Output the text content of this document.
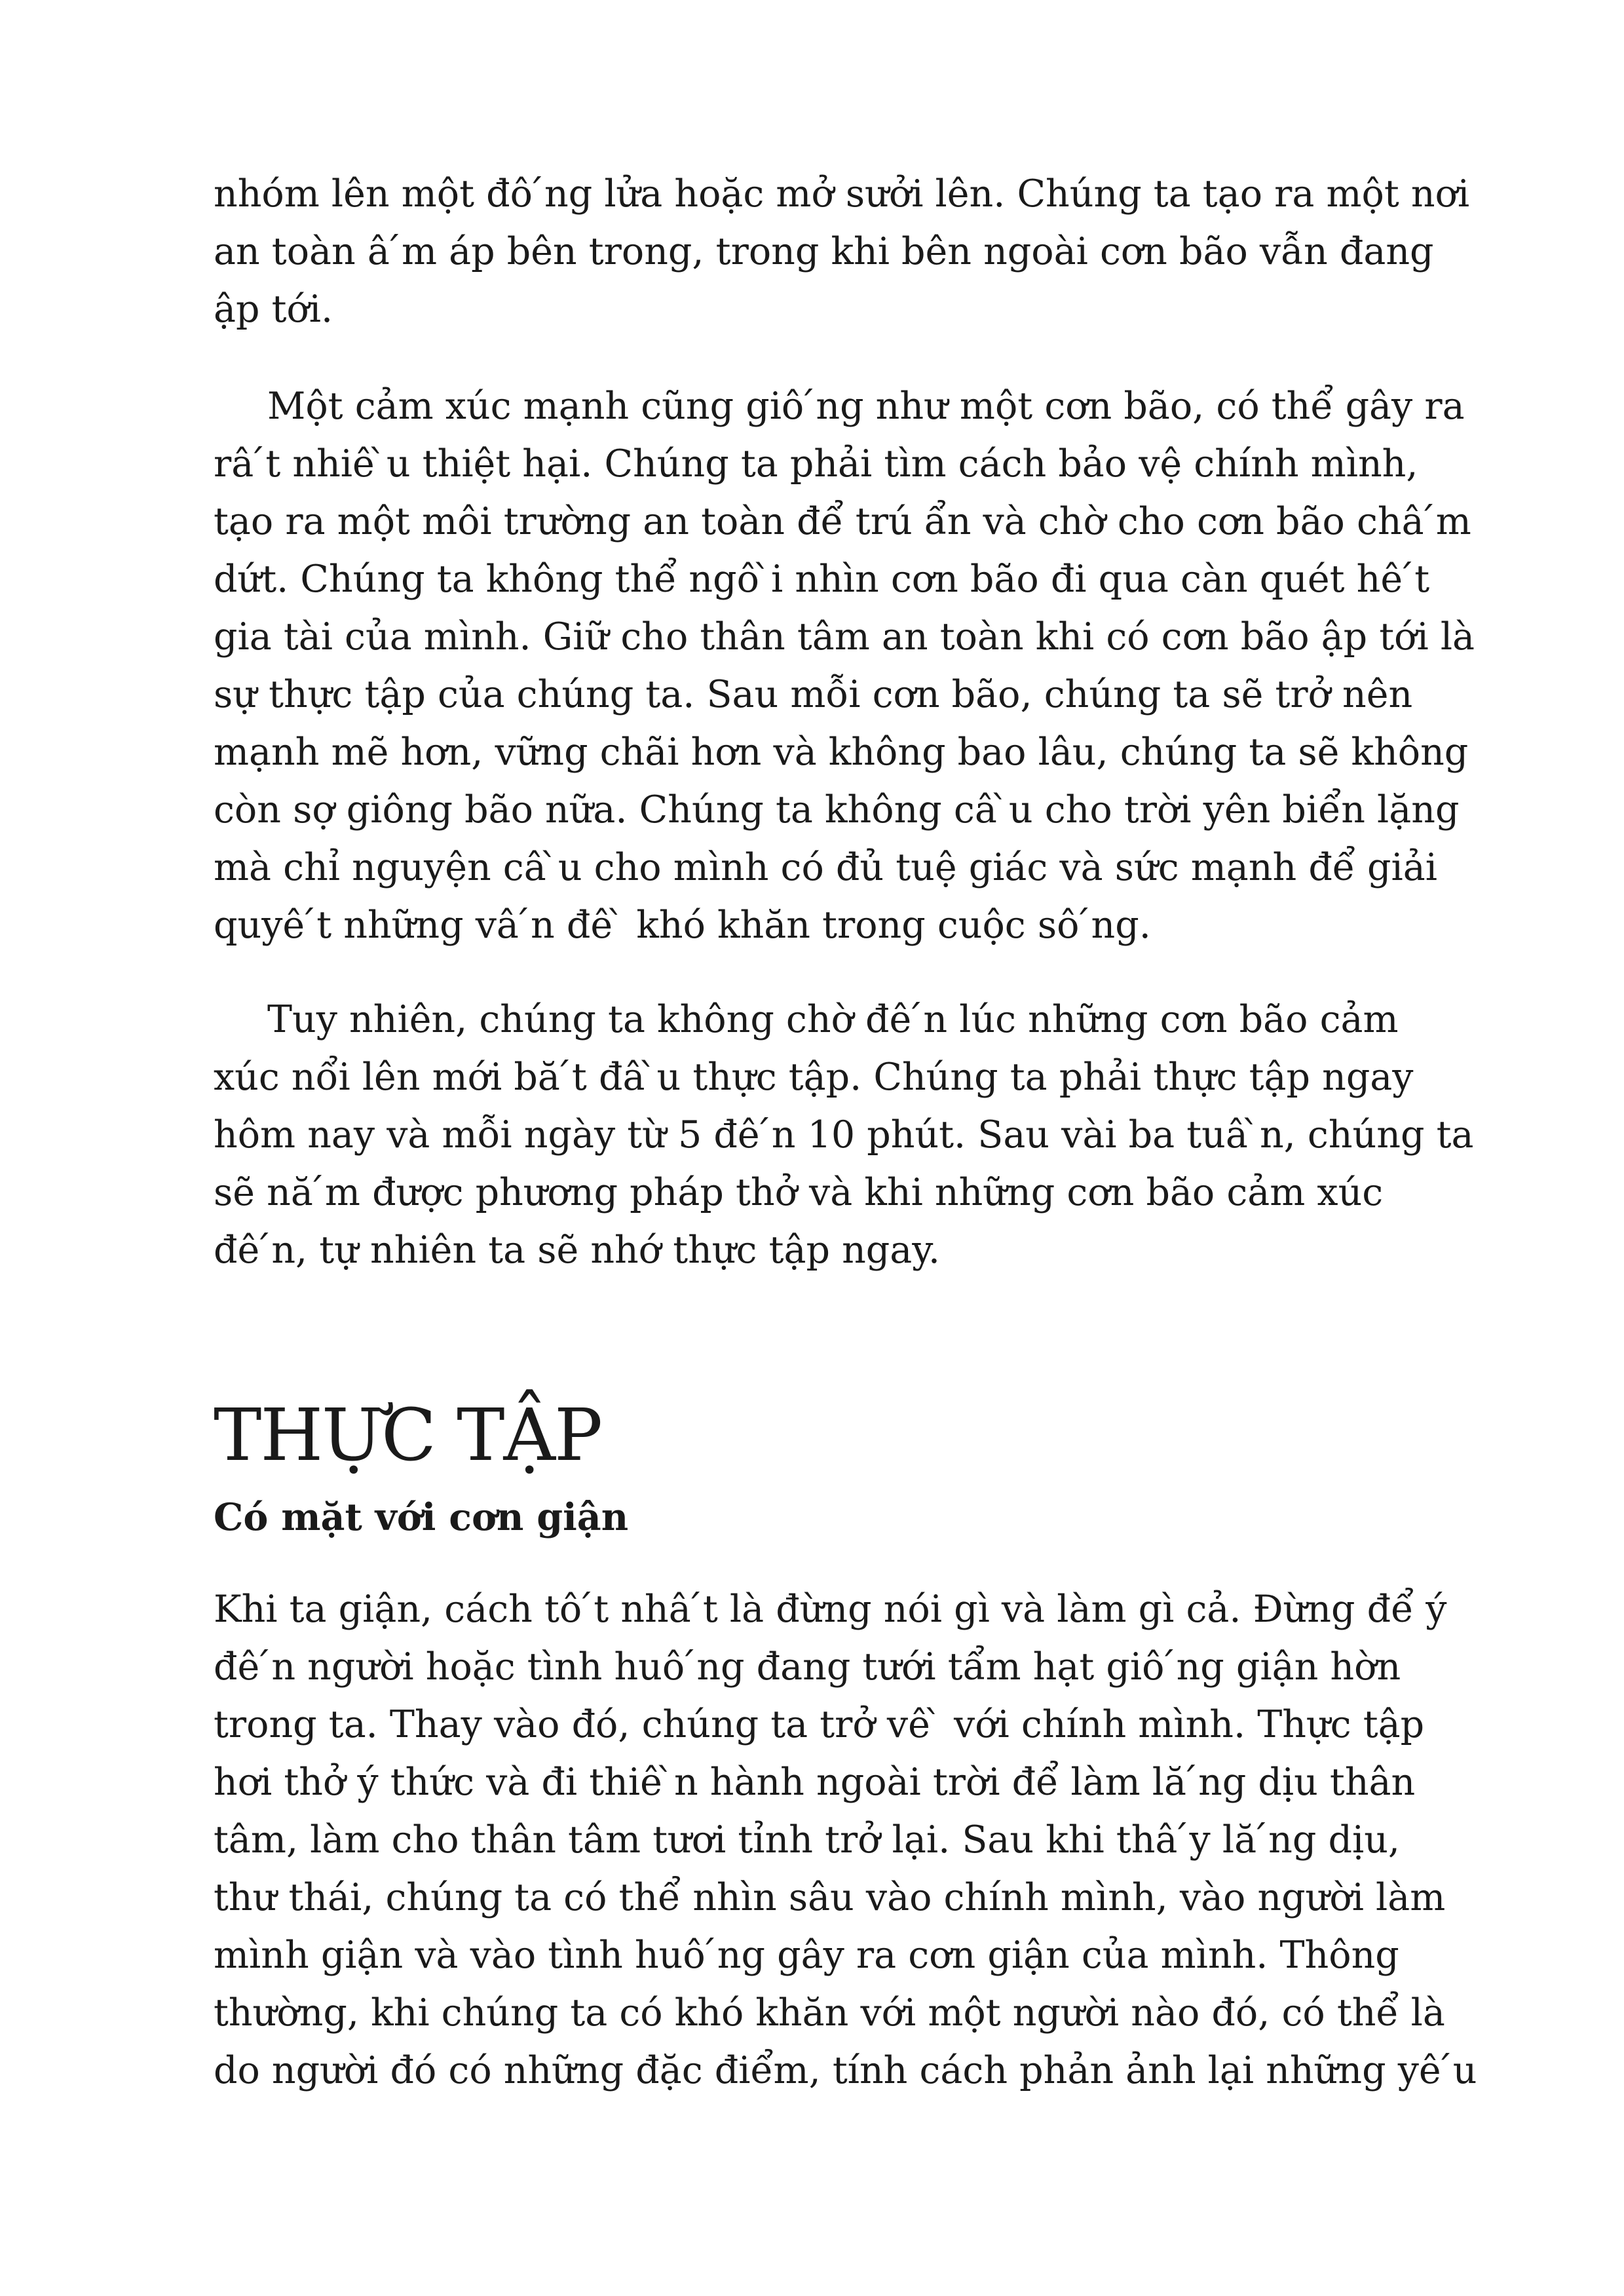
nhóm lên một đô ́ng lửa hoặc mở sưởi lên. Chúng ta tạo ra một nơi
an toàn â ́m áp bên trong, trong khi bên ngoài cơn bão vẫn đang
ập tới.
Một cảm xúc mạnh cũng giô ́ng như một cơn bão, có thể gây ra
râ ́t nhiê ̀u thiệt hại. Chúng ta phải tìm cách bảo vệ chính mình,
tạo ra một môi trường an toàn để trú ẩn và chờ cho cơn bão châ ́m
dứt. Chúng ta không thể ngô ̀i nhìn cơn bão đi qua càn quét hê ́t
gia tài của mình. Giữ cho thân tâm an toàn khi có cơn bão ập tới là
sự thực tập của chúng ta. Sau mỗi cơn bão, chúng ta sẽ trở nên
mạnh mẽ hơn, vững chãi hơn và không bao lâu, chúng ta sẽ không
còn sợ giông bão nữa. Chúng ta không câ ̀u cho trời yên biển lặng
mà chỉ nguyện câ ̀u cho mình có đủ tuệ giác và sức mạnh để giải
quyê ́t những vâ ́n đê ̀ khó khăn trong cuộc sô ́ng.
Tuy nhiên, chúng ta không chờ đê ́n lúc những cơn bão cảm
xúc nổi lên mới bă ́t đâ ̀u thực tập. Chúng ta phải thực tập ngay
hôm nay và mỗi ngày từ 5 đê ́n 10 phút. Sau vài ba tuâ ̀n, chúng ta
sẽ nă ́m được phương pháp thở và khi những cơn bão cảm xúc
đê ́n, tự nhiên ta sẽ nhớ thực tập ngay.
THỰC TẬP
Có mặt với cơn giận
Khi ta giận, cách tô ́t nhâ ́t là đừng nói gì và làm gì cả. Đừng để ý
đê ́n người hoặc tình huô ́ng đang tưới tẩm hạt giô ́ng giận hờn
trong ta. Thay vào đó, chúng ta trở vê ̀ với chính mình. Thực tập
hơi thở ý thức và đi thiê ̀n hành ngoài trời để làm lă ́ng dịu thân
tâm, làm cho thân tâm tươi tỉnh trở lại. Sau khi thâ ́y lă ́ng dịu,
thư thái, chúng ta có thể nhìn sâu vào chính mình, vào người làm
mình giận và vào tình huô ́ng gây ra cơn giận của mình. Thông
thường, khi chúng ta có khó khăn với một người nào đó, có thể là
do người đó có những đặc điểm, tính cách phản ảnh lại những yê ́u
